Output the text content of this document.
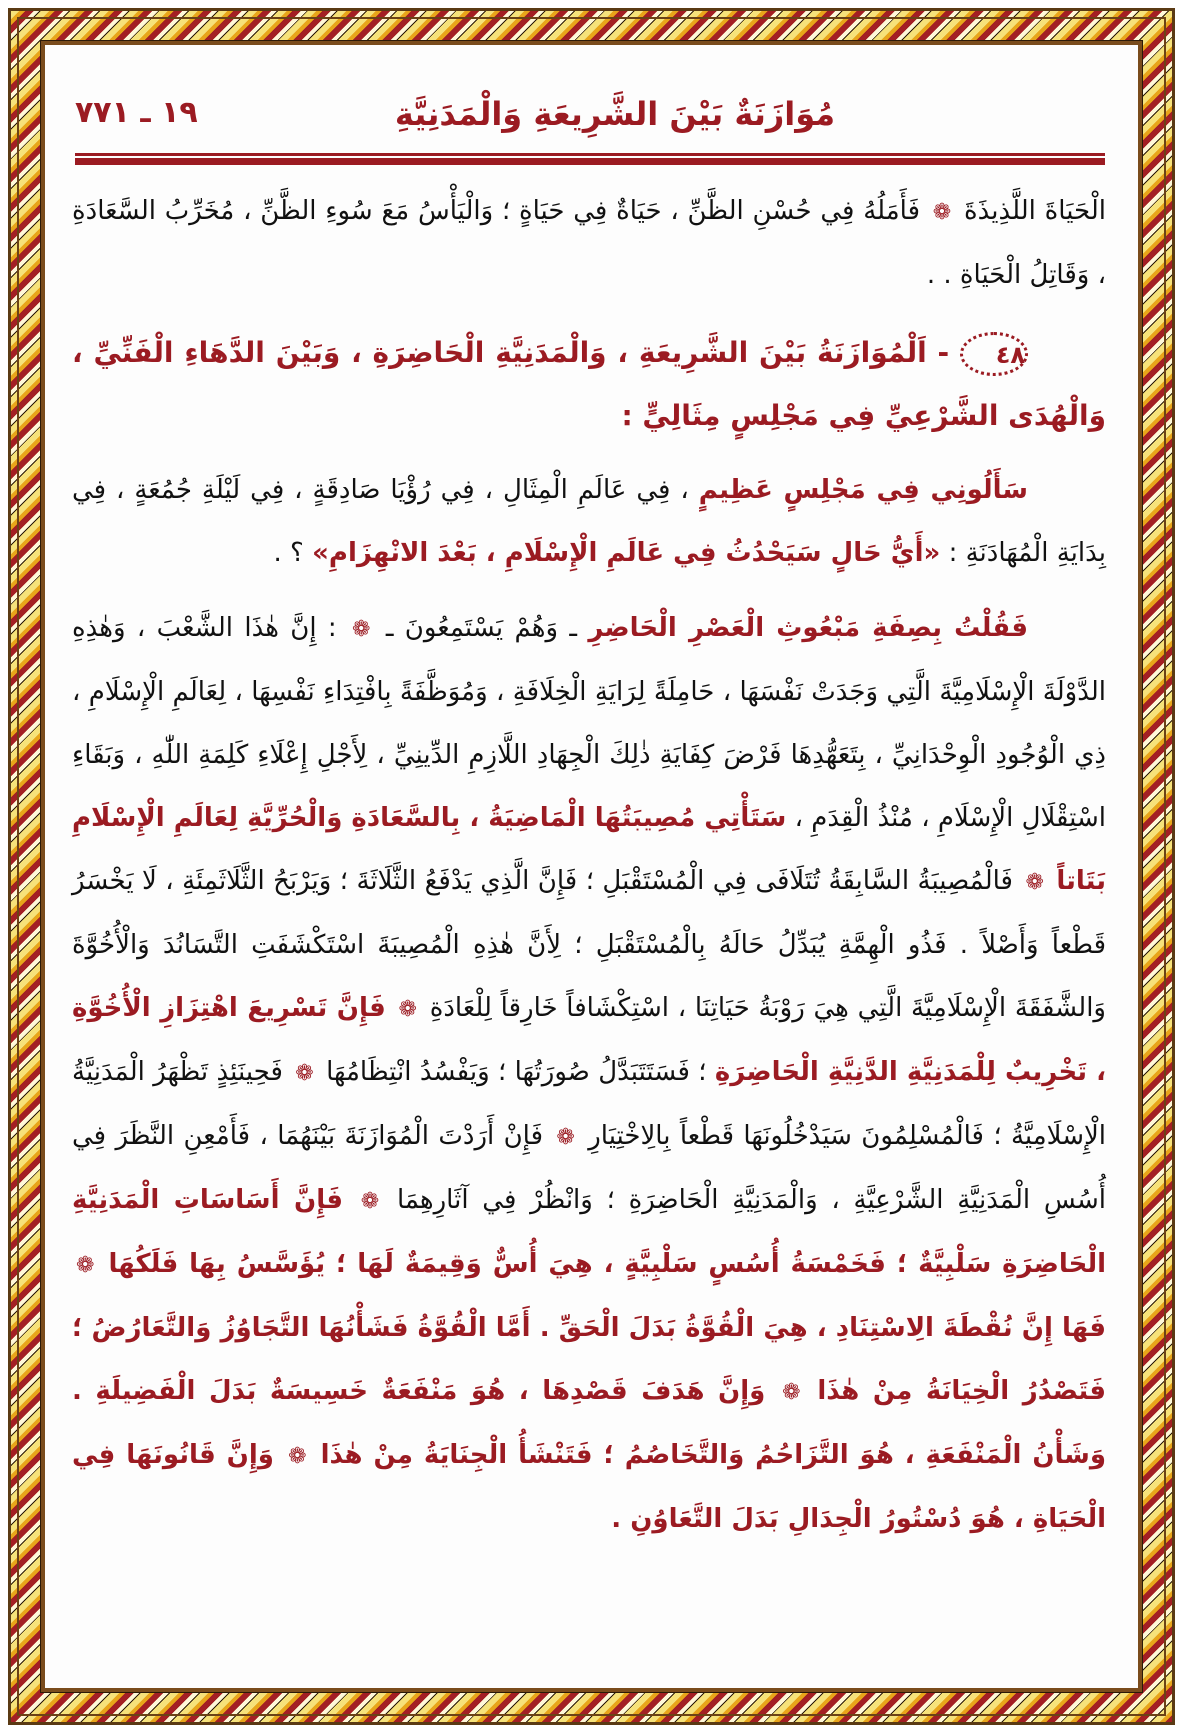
١٩ ـ ٧٧١	مُوَازَنَةٌ بَيْنَ الشَّرِيعَةِ وَالْمَدَنِيَّةِ

الْحَيَاةَ اللَّذِيذَةَ ❁ فَأَمَلُهُ فِي حُسْنِ الظَّنِّ ، حَيَاةٌ فِي حَيَاةٍ ؛ وَالْيَأْسُ مَعَ سُوءِ الظَّنِّ ، مُخَرِّبُ السَّعَادَةِ ، وَقَاتِلُ الْحَيَاةِ . .

٤٨ - اَلْمُوَازَنَةُ بَيْنَ الشَّرِيعَةِ ، وَالْمَدَنِيَّةِ الْحَاضِرَةِ ، وَبَيْنَ الدَّهَاءِ الْفَنِّيِّ ، وَالْهُدَى الشَّرْعِيِّ فِي مَجْلِسٍ مِثَالِيٍّ :

سَأَلُونِي فِي مَجْلِسٍ عَظِيمٍ ، فِي عَالَمِ الْمِثَالِ ، فِي رُؤْيَا صَادِقَةٍ ، فِي لَيْلَةِ جُمُعَةٍ ، فِي بِدَايَةِ الْمُهَادَنَةِ : «أَيُّ حَالٍ سَيَحْدُثُ فِي عَالَمِ الْإِسْلَامِ ، بَعْدَ الانْهِزَامِ» ؟ .

فَقُلْتُ بِصِفَةِ مَبْعُوثِ الْعَصْرِ الْحَاضِرِ ـ وَهُمْ يَسْتَمِعُونَ ـ ❁ : إِنَّ هٰذَا الشَّعْبَ ، وَهٰذِهِ الدَّوْلَةَ الْإِسْلَامِيَّةَ الَّتِي وَجَدَتْ نَفْسَهَا ، حَامِلَةً لِرَايَةِ الْخِلَافَةِ ، وَمُوَظَّفَةً بِافْتِدَاءِ نَفْسِهَا ، لِعَالَمِ الْإِسْلَامِ ، ذِي الْوُجُودِ الْوِحْدَانِيِّ ، بِتَعَهُّدِهَا فَرْضَ كِفَايَةِ ذٰلِكَ الْجِهَادِ اللَّازِمِ الدِّينِيِّ ، لِأَجْلِ إِعْلَاءِ كَلِمَةِ اللّٰهِ ، وَبَقَاءِ اسْتِقْلَالِ الْإِسْلَامِ ، مُنْذُ الْقِدَمِ ، سَتَأْتِي مُصِيبَتُهَا الْمَاضِيَةُ ، بِالسَّعَادَةِ وَالْحُرِّيَّةِ لِعَالَمِ الْإِسْلَامِ بَتَاتاً ❁ فَالْمُصِيبَةُ السَّابِقَةُ تُتَلَافَى فِي الْمُسْتَقْبَلِ ؛ فَإِنَّ الَّذِي يَدْفَعُ الثَّلَاثَةَ ؛ وَيَرْبَحُ الثَّلَاثَمِئَةِ ، لَا يَخْسَرُ قَطْعاً وَأَصْلاً . فَذُو الْهِمَّةِ يُبَدِّلُ حَالَهُ بِالْمُسْتَقْبَلِ ؛ لِأَنَّ هٰذِهِ الْمُصِيبَةَ اسْتَكْشَفَتِ التَّسَانُدَ وَالْأُخُوَّةَ وَالشَّفَقَةَ الْإِسْلَامِيَّةَ الَّتِي هِيَ رَوْبَةُ حَيَاتِنَا ، اسْتِكْشَافاً خَارِقاً لِلْعَادَةِ ❁ فَإِنَّ تَسْرِيعَ اهْتِزَازِ الْأُخُوَّةِ ، تَخْرِيبٌ لِلْمَدَنِيَّةِ الدَّنِيَّةِ الْحَاضِرَةِ ؛ فَسَتَتَبَدَّلُ صُورَتُهَا ؛ وَيَفْسُدُ انْتِظَامُهَا ❁ فَحِينَئِذٍ تَظْهَرُ الْمَدَنِيَّةُ الْإِسْلَامِيَّةُ ؛ فَالْمُسْلِمُونَ سَيَدْخُلُونَهَا قَطْعاً بِالِاخْتِيَارِ ❁ فَإِنْ أَرَدْتَ الْمُوَازَنَةَ بَيْنَهُمَا ، فَأَمْعِنِ النَّظَرَ فِي أُسُسِ الْمَدَنِيَّةِ الشَّرْعِيَّةِ ، وَالْمَدَنِيَّةِ الْحَاضِرَةِ ؛ وَانْظُرْ فِي آثَارِهِمَا ❁ فَإِنَّ أَسَاسَاتِ الْمَدَنِيَّةِ الْحَاضِرَةِ سَلْبِيَّةٌ ؛ فَخَمْسَةُ أُسُسٍ سَلْبِيَّةٍ ، هِيَ أُسٌّ وَقِيمَةٌ لَهَا ؛ يُؤَسَّسُ بِهَا فَلَكُهَا ❁ فَهَا إِنَّ نُقْطَةَ الِاسْتِنَادِ ، هِيَ الْقُوَّةُ بَدَلَ الْحَقِّ . أَمَّا الْقُوَّةُ فَشَأْنُهَا التَّجَاوُزُ وَالتَّعَارُضُ ؛ فَتَصْدُرُ الْخِيَانَةُ مِنْ هٰذَا ❁ وَإِنَّ هَدَفَ قَصْدِهَا ، هُوَ مَنْفَعَةٌ خَسِيسَةٌ بَدَلَ الْفَضِيلَةِ . وَشَأْنُ الْمَنْفَعَةِ ، هُوَ التَّزَاحُمُ وَالتَّخَاصُمُ ؛ فَتَنْشَأُ الْجِنَايَةُ مِنْ هٰذَا ❁ وَإِنَّ قَانُونَهَا فِي الْحَيَاةِ ، هُوَ دُسْتُورُ الْجِدَالِ بَدَلَ التَّعَاوُنِ .
